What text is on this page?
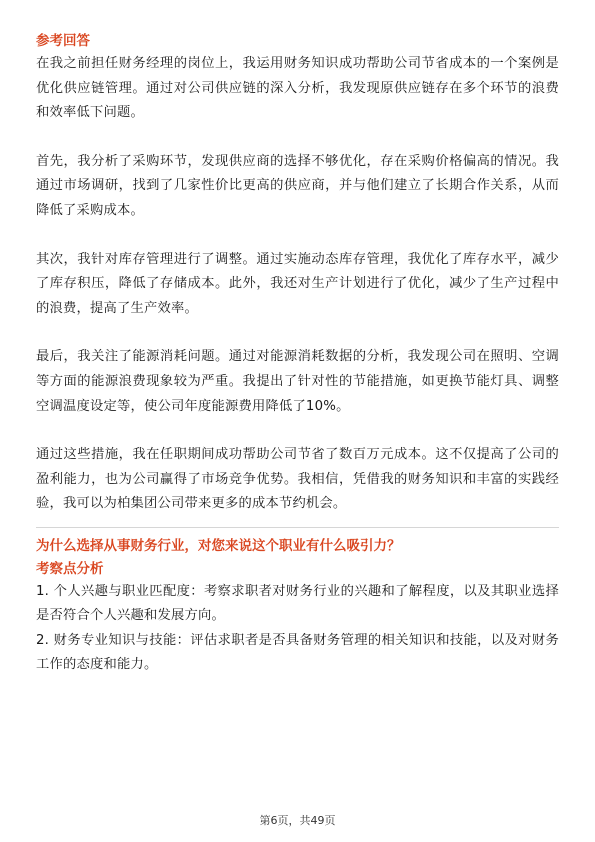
参考回答

在我之前担任财务经理的岗位上，我运用财务知识成功帮助公司节省成本的一个案例是优化供应链管理。通过对公司供应链的深入分析，我发现原供应链存在多个环节的浪费和效率低下问题。

首先，我分析了采购环节，发现供应商的选择不够优化，存在采购价格偏高的情况。我通过市场调研，找到了几家性价比更高的供应商，并与他们建立了长期合作关系，从而降低了采购成本。

其次，我针对库存管理进行了调整。通过实施动态库存管理，我优化了库存水平，减少了库存积压，降低了存储成本。此外，我还对生产计划进行了优化，减少了生产过程中的浪费，提高了生产效率。

最后，我关注了能源消耗问题。通过对能源消耗数据的分析，我发现公司在照明、空调等方面的能源浪费现象较为严重。我提出了针对性的节能措施，如更换节能灯具、调整空调温度设定等，使公司年度能源费用降低了10%。

通过这些措施，我在任职期间成功帮助公司节省了数百万元成本。这不仅提高了公司的盈利能力，也为公司赢得了市场竞争优势。我相信，凭借我的财务知识和丰富的实践经验，我可以为柏集团公司带来更多的成本节约机会。

为什么选择从事财务行业，对您来说这个职业有什么吸引力？

考察点分析

1. 个人兴趣与职业匹配度：考察求职者对财务行业的兴趣和了解程度，以及其职业选择是否符合个人兴趣和发展方向。

2. 财务专业知识与技能：评估求职者是否具备财务管理的相关知识和技能，以及对财务工作的态度和能力。

第6页，共49页
